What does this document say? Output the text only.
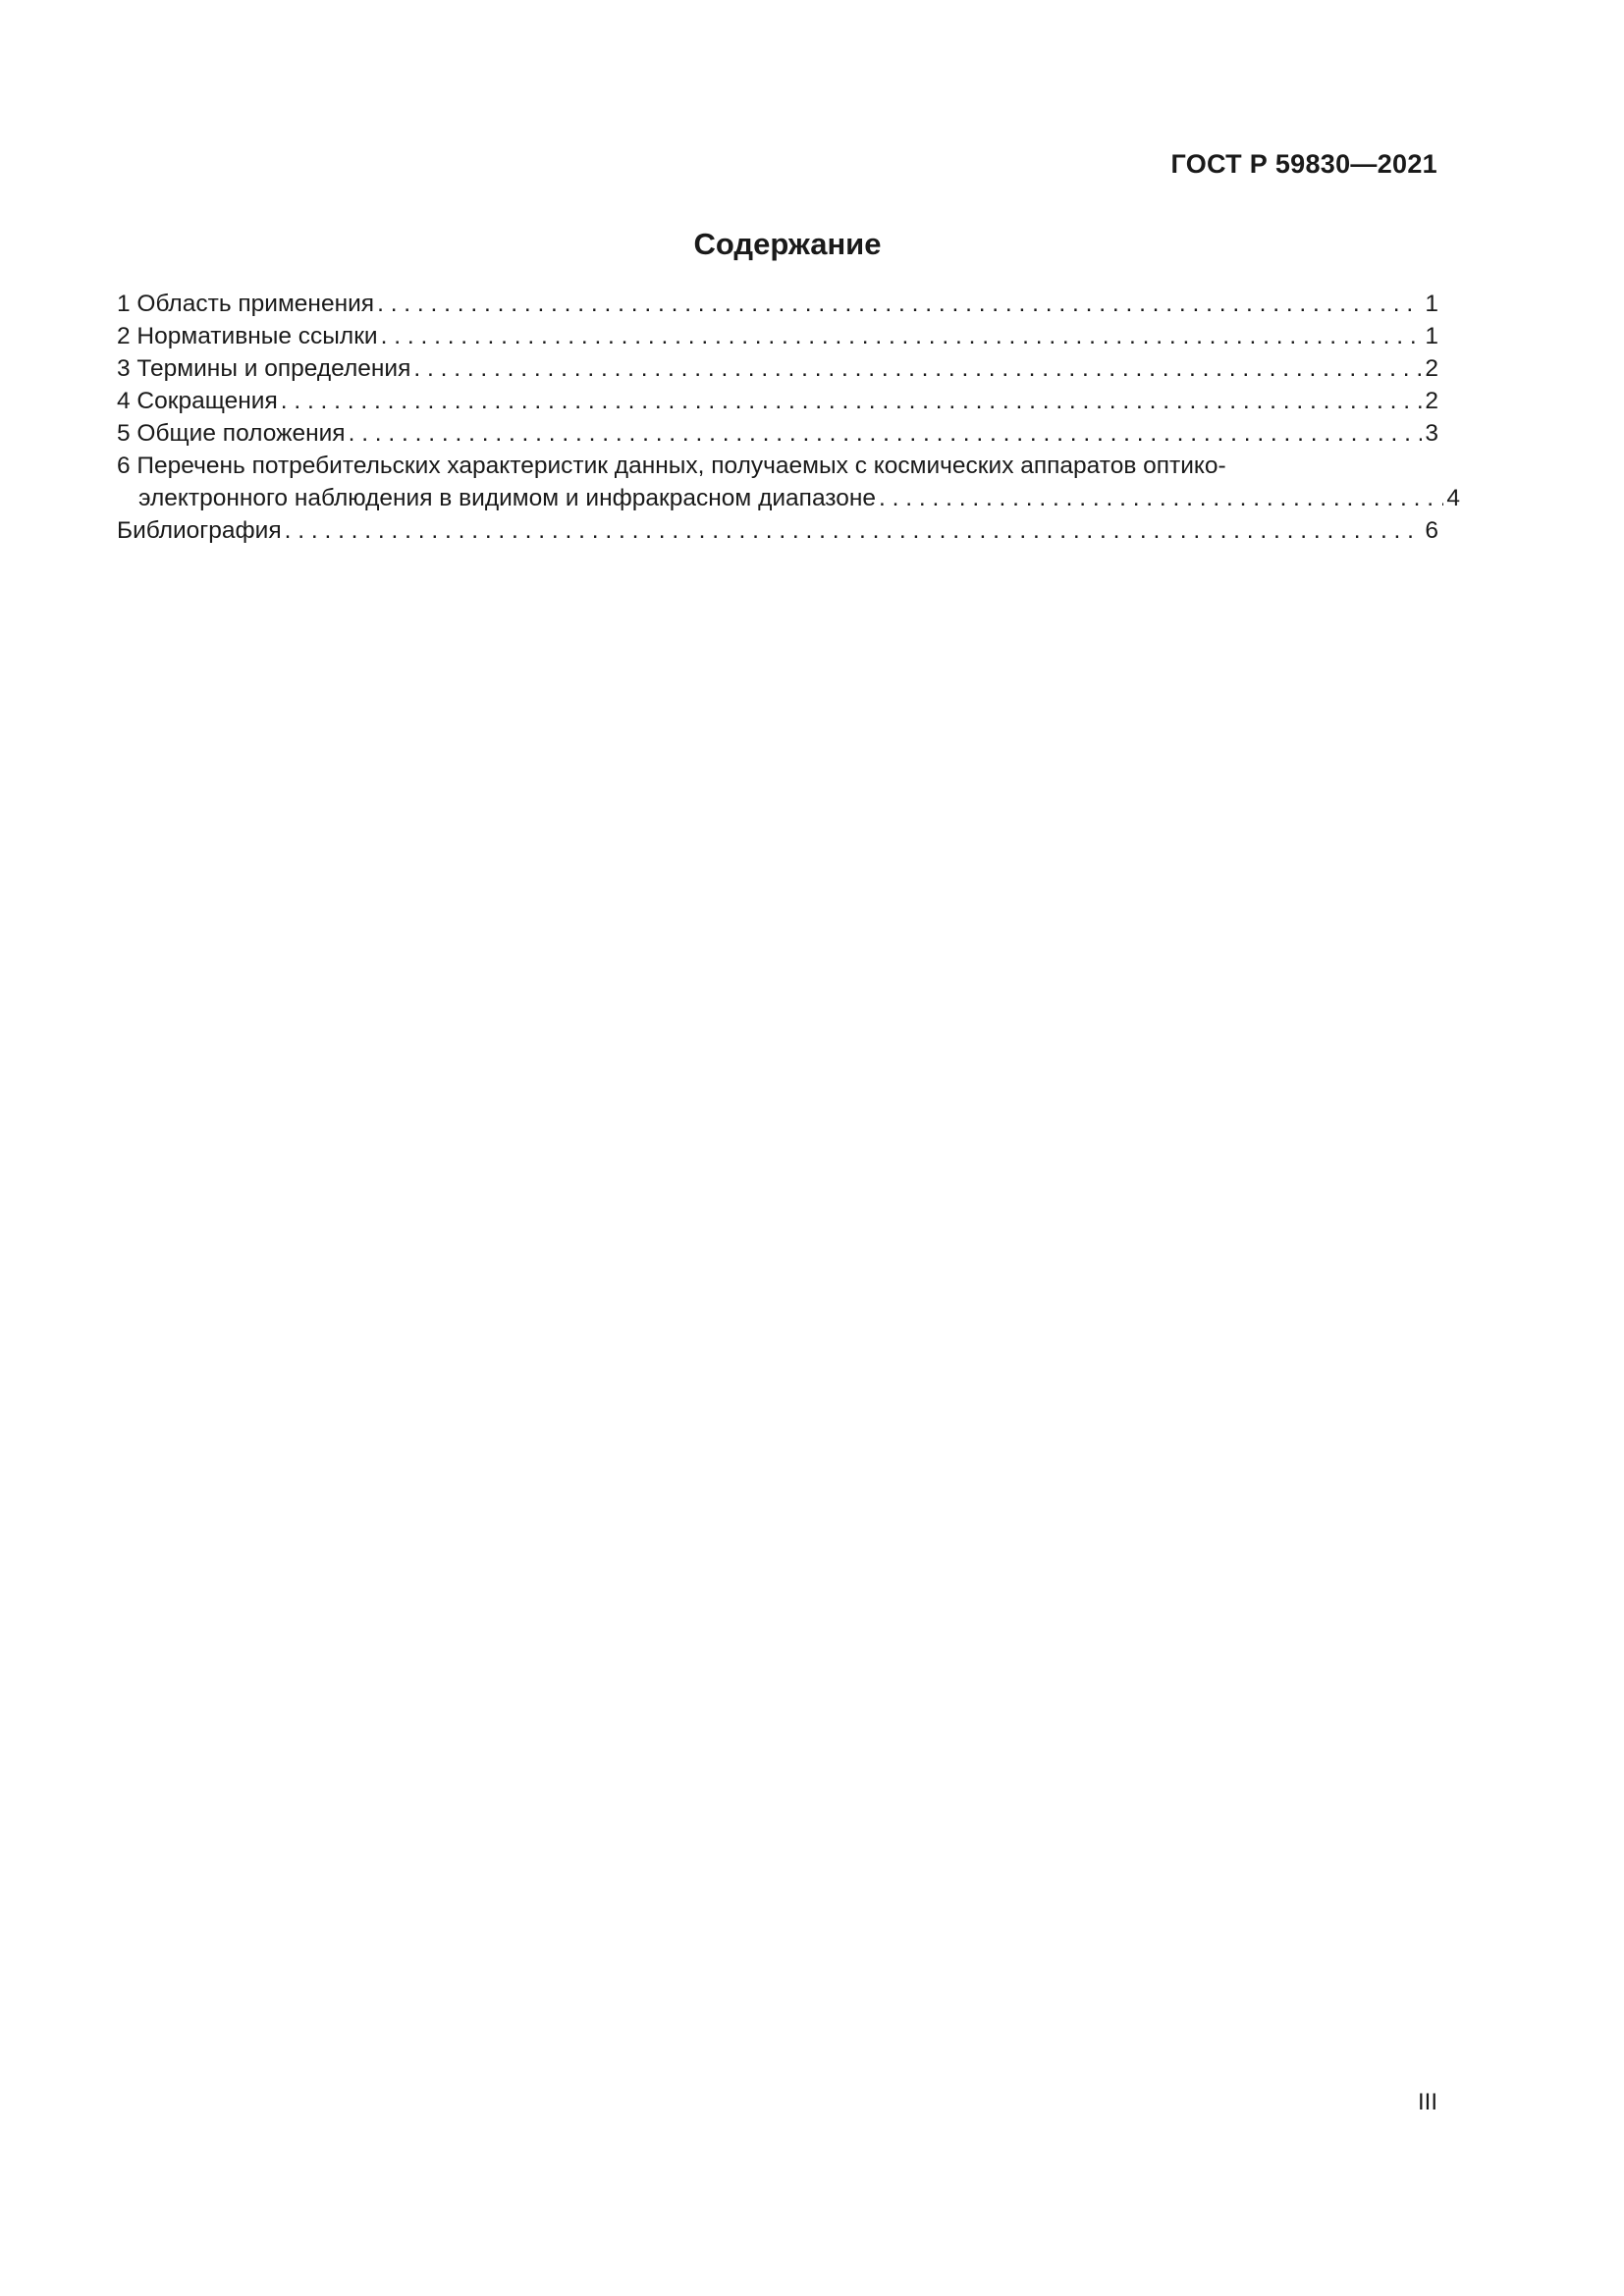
ГОСТ Р 59830—2021
Содержание
1 Область применения . . .	1
2 Нормативные ссылки . . .	1
3 Термины и определения . . .	2
4 Сокращения . . .	2
5 Общие положения . . .	3
6 Перечень потребительских характеристик данных, получаемых с космических аппаратов оптико-
электронного наблюдения в видимом и инфракрасном диапазоне . . .	4
Библиография . . .	6
III
